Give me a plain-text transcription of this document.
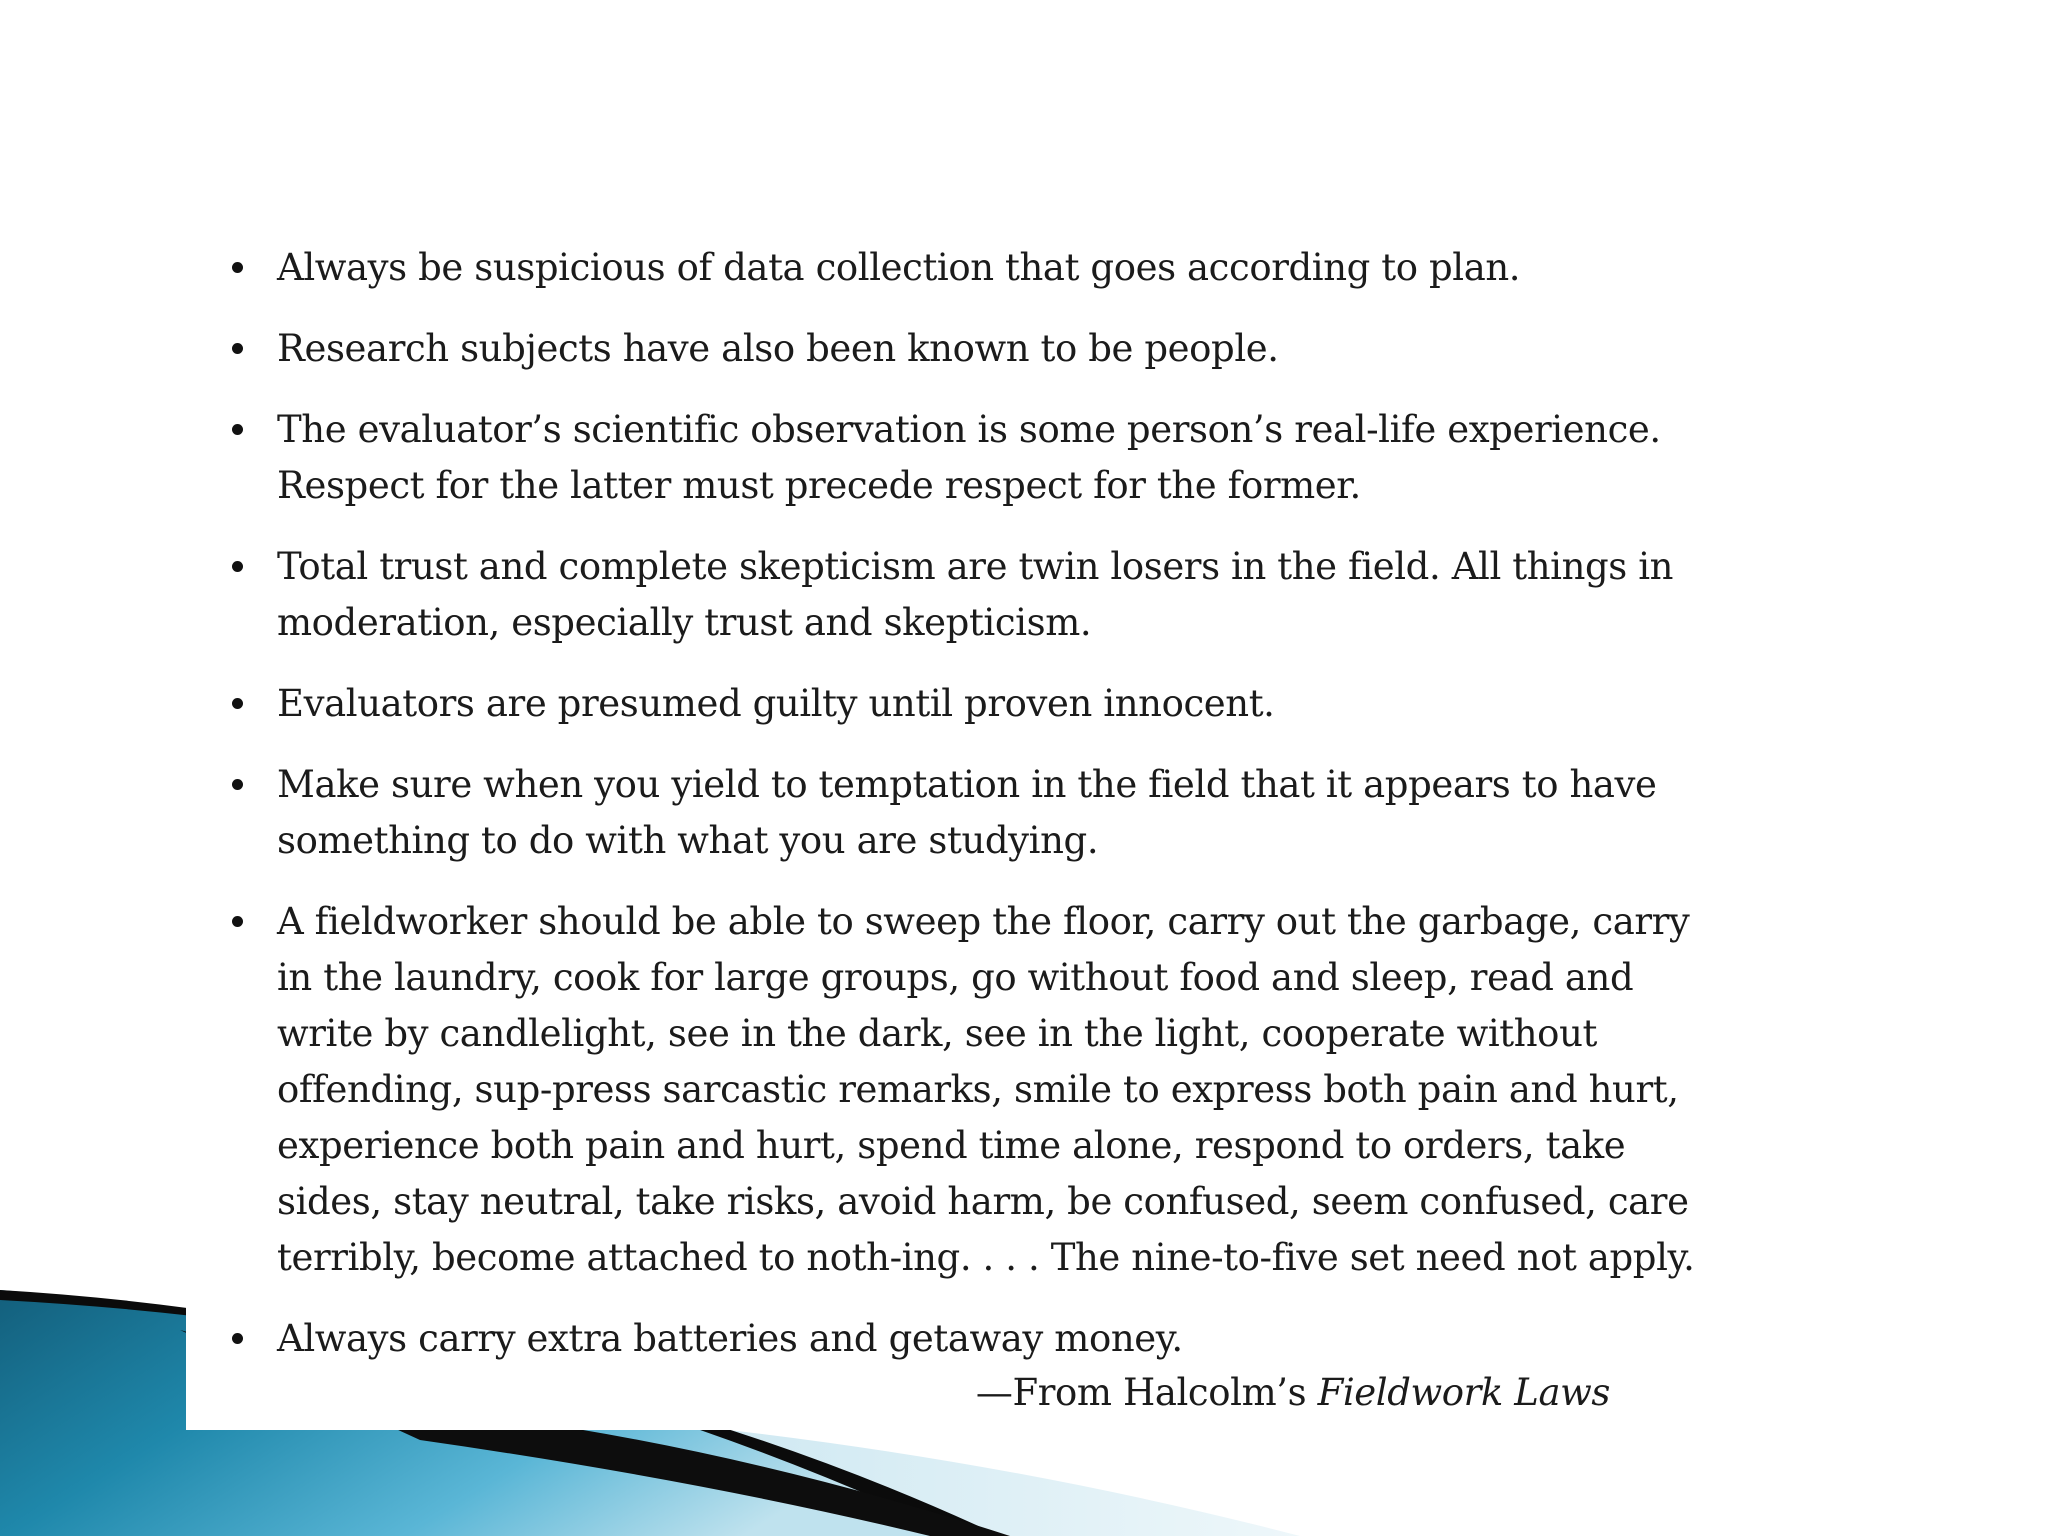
Always be suspicious of data collection that goes according to plan.
Research subjects have also been known to be people.
The evaluator’s scientific observation is some person’s real-life experience. Respect for the latter must precede respect for the former.
Total trust and complete skepticism are twin losers in the field. All things in moderation, especially trust and skepticism.
Evaluators are presumed guilty until proven innocent.
Make sure when you yield to temptation in the field that it appears to have something to do with what you are studying.
A fieldworker should be able to sweep the floor, carry out the garbage, carry in the laundry, cook for large groups, go without food and sleep, read and write by candlelight, see in the dark, see in the light, cooperate without offending, sup-press sarcastic remarks, smile to express both pain and hurt, experience both pain and hurt, spend time alone, respond to orders, take sides, stay neutral, take risks, avoid harm, be confused, seem confused, care terribly, become attached to noth-ing. . . . The nine-to-five set need not apply.
Always carry extra batteries and getaway money.
—From Halcolm’s Fieldwork Laws
